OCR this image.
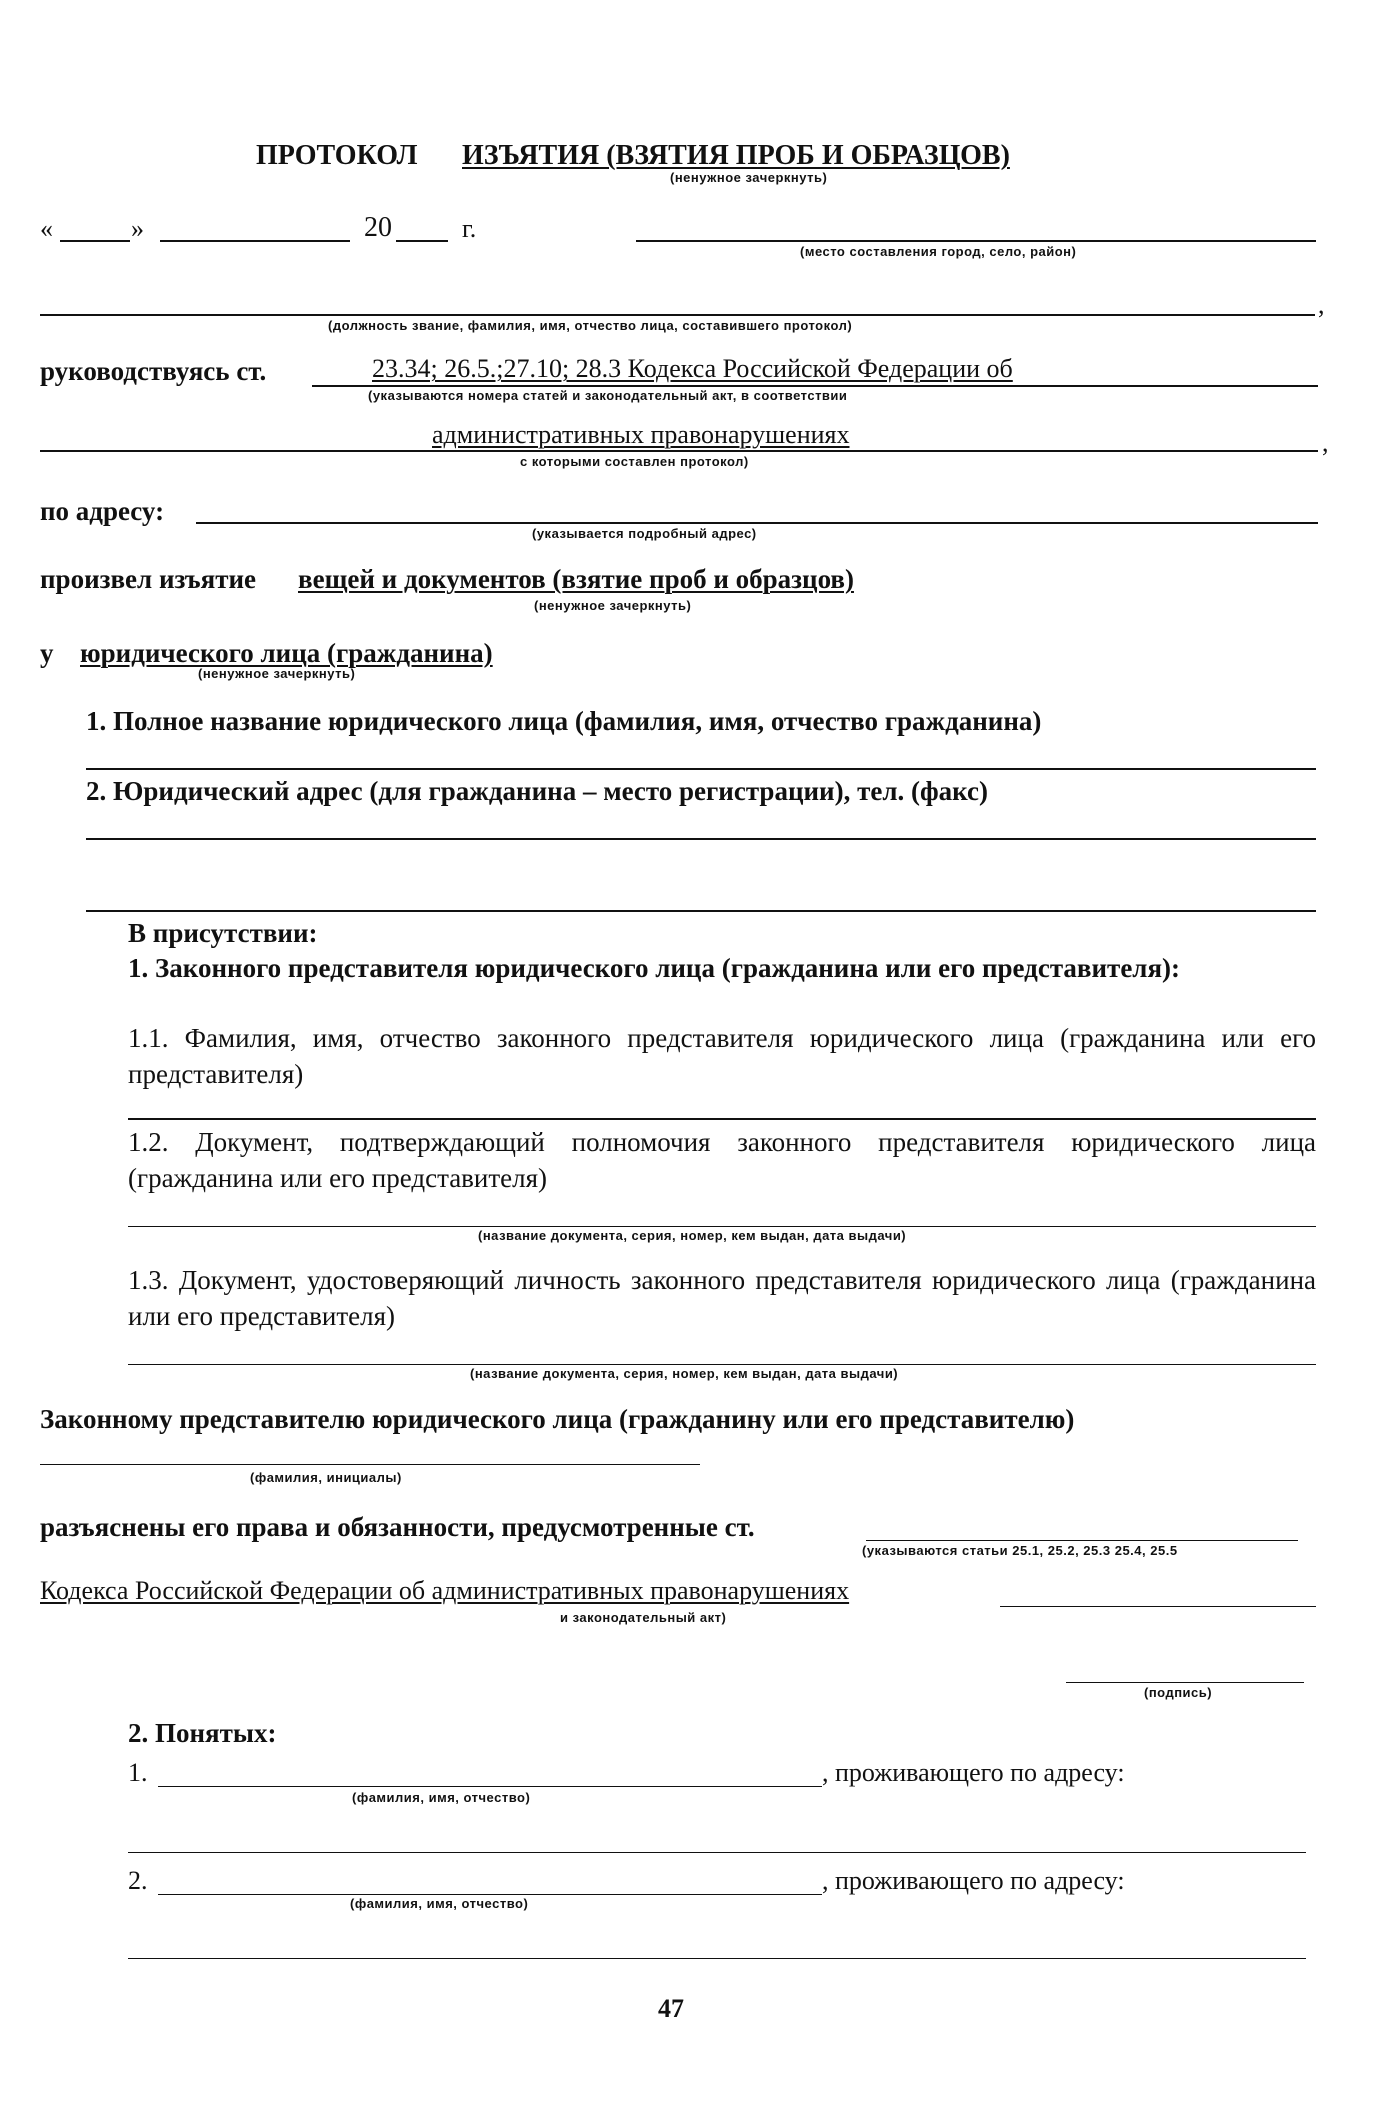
ПРОТОКОЛ ИЗЪЯТИЯ (ВЗЯТИЯ ПРОБ И ОБРАЗЦОВ)
(ненужное зачеркнуть)
«	»	20	г.
(место составления город, село, район)
,
(должность звание, фамилия, имя, отчество лица, составившего протокол)
руководствуясь ст.	23.34; 26.5.;27.10; 28.3 Кодекса Российской Федерации об
(указываются номера статей и законодательный акт, в соответствии
административных правонарушениях	,
с которыми составлен протокол)
по адресу:
(указывается подробный адрес)
произвел изъятие вещей и документов (взятие проб и образцов)
(ненужное зачеркнуть)
у юридического лица (гражданина)
(ненужное зачеркнуть)
1. Полное название юридического лица (фамилия, имя, отчество гражданина)
2. Юридический адрес (для гражданина – место регистрации), тел. (факс)
В присутствии:
1. Законного представителя юридического лица (гражданина или его представителя):
1.1. Фамилия, имя, отчество законного представителя юридического лица (гражданина или его представителя)
1.2. Документ, подтверждающий полномочия законного представителя юридического лица (гражданина или его представителя)
(название документа, серия, номер, кем выдан, дата выдачи)
1.3. Документ, удостоверяющий личность законного представителя юридического лица (гражданина или его представителя)
(название документа, серия, номер, кем выдан, дата выдачи)
Законному представителю юридического лица (гражданину или его представителю)
(фамилия, инициалы)
разъяснены его права и обязанности, предусмотренные ст.
(указываются статьи 25.1, 25.2, 25.3 25.4, 25.5
Кодекса Российской Федерации об административных правонарушениях
и законодательный акт)
(подпись)
2. Понятых:
1.	, проживающего по адресу:
(фамилия, имя, отчество)
2.	, проживающего по адресу:
(фамилия, имя, отчество)
47
